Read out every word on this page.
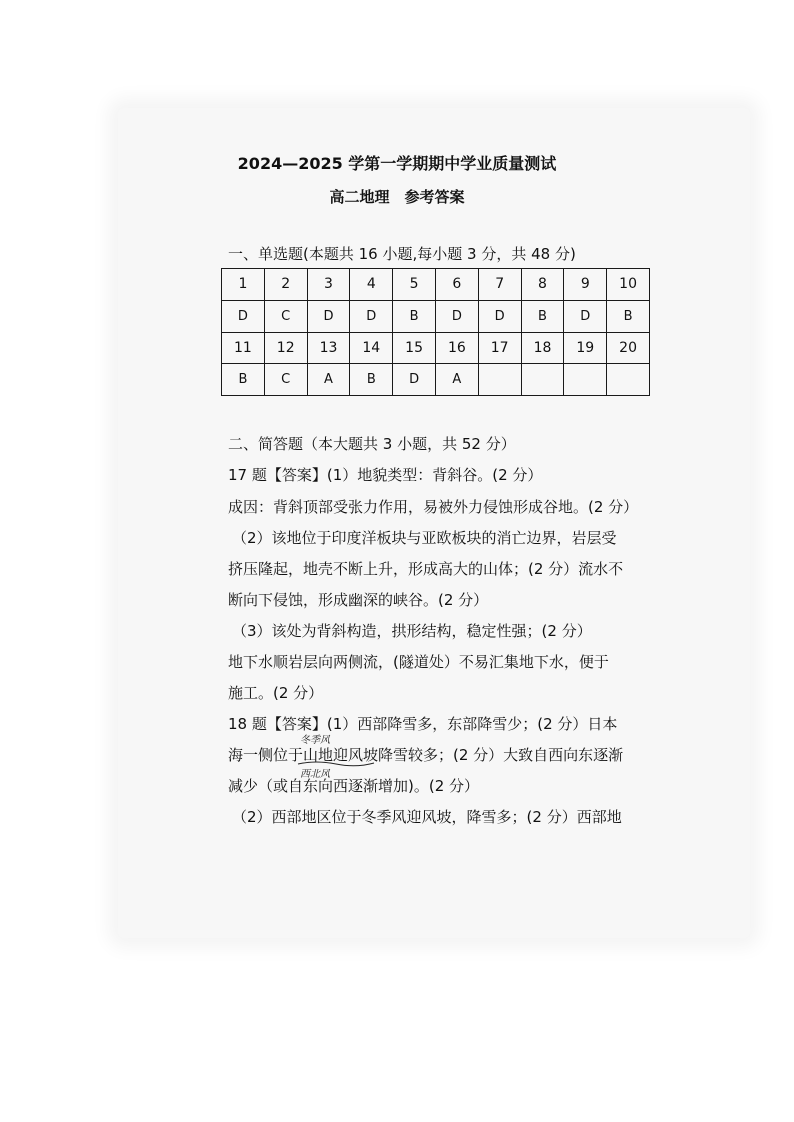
2024—2025 学第一学期期中学业质量测试
高二地理　参考答案
一、单选题(本题共 16 小题,每小题 3 分，共 48 分)
1	2	3	4	5	6	7	8	9	10
D	C	D	D	B	D	D	B	D	B
11	12	13	14	15	16	17	18	19	20
B	C	A	B	D	A				
二、简答题（本大题共 3 小题，共 52 分）
17 题【答案】(1）地貌类型：背斜谷。(2 分）
成因：背斜顶部受张力作用，易被外力侵蚀形成谷地。(2 分）
（2）该地位于印度洋板块与亚欧板块的消亡边界，岩层受
挤压隆起，地壳不断上升，形成高大的山体；(2 分）流水不
断向下侵蚀，形成幽深的峡谷。(2 分）
（3）该处为背斜构造，拱形结构，稳定性强；(2 分）
地下水顺岩层向两侧流，(隧道处）不易汇集地下水，便于
施工。(2 分）
18 题【答案】(1）西部降雪多，东部降雪少；(2 分）日本
海一侧位于山地迎风坡降雪较多；(2 分）大致自西向东逐渐
减少（或自东向西逐渐增加)。(2 分）
（2）西部地区位于冬季风迎风坡，降雪多；(2 分）西部地
冬季风
西北风
